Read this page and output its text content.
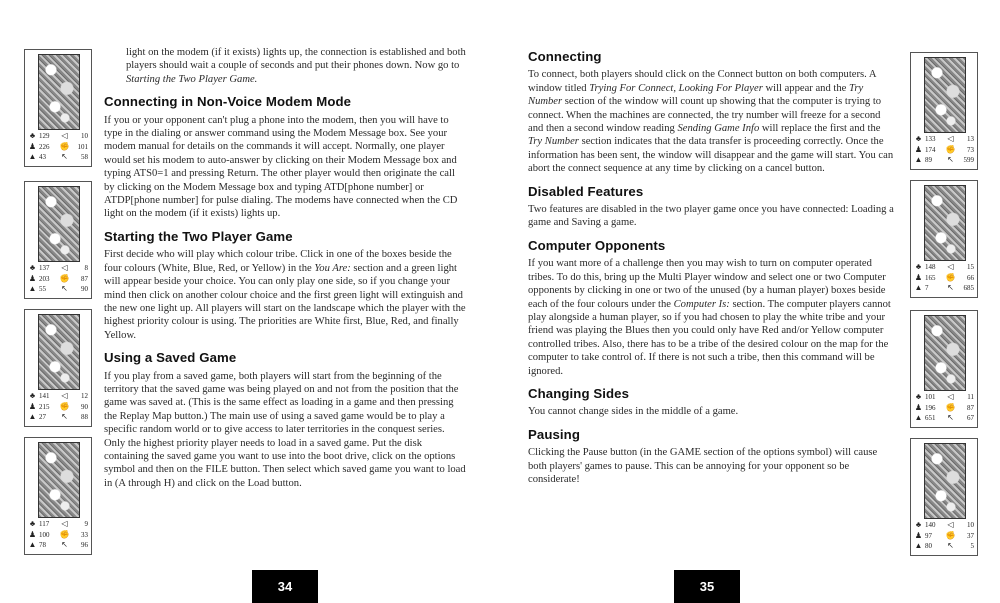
♣ 129	◁	10
♟ 226	✊	101
▲ 43	↖	58
♣ 137	◁	8
♟ 203	✊	87
▲ 55	↖	90
♣ 141	◁	12
♟ 215	✊	90
▲ 27	↖	88
♣ 117	◁	9
♟ 100	✊	33
▲ 78	↖	96

light on the modem (if it exists) lights up, the connection is established and both players should wait a couple of seconds and put their phones down. Now go to Starting the Two Player Game.

Connecting in Non-Voice Modem Mode

If you or your opponent can't plug a phone into the modem, then you will have to type in the dialing or answer command using the Modem Message box. See your modem manual for details on the commands it will accept. Normally, one player would set his modem to auto-answer by clicking on their Modem Message box and typing ATS0=1 and pressing Return. The other player would then originate the call by clicking on the Modem Message box and typing ATD[phone number] or ATDP[phone number] for pulse dialing. The modems have connected when the CD light on the modem (if it exists) lights up.

Starting the Two Player Game

First decide who will play which colour tribe. Click in one of the boxes beside the four colours (White, Blue, Red, or Yellow) in the You Are: section and a green light will appear beside your choice. You can only play one side, so if you change your mind then click on another colour choice and the first green light will extinguish and the new one light up. All players will start on the landscape which the player with the highest priority colour is using. The priorities are White first, Blue, Red, and finally Yellow.

Using a Saved Game

If you play from a saved game, both players will start from the beginning of the territory that the saved game was being played on and not from the position that the game was saved at. (This is the same effect as loading in a game and then pressing the Replay Map button.) The main use of using a saved game would be to play a specific random world or to give access to later territories in the conquest series. Only the highest priority player needs to load in a saved game. Put the disk containing the saved game you want to use into the boot drive, click on the options symbol and then on the FILE button. Then select which saved game you want to load in (A through H) and click on the Load button.

34
Connecting

To connect, both players should click on the Connect button on both computers. A window titled Trying For Connect, Looking For Player will appear and the Try Number section of the window will count up showing that the computer is trying to connect. When the machines are connected, the try number will freeze for a second and then a second window reading Sending Game Info will replace the first and the Try Number section indicates that the data transfer is proceeding correctly. Once the information has been sent, the window will disappear and the game will start. You can abort the connect sequence at any time by clicking on a cancel button.

Disabled Features

Two features are disabled in the two player game once you have connected: Loading a game and Saving a game.

Computer Opponents

If you want more of a challenge then you may wish to turn on computer operated tribes. To do this, bring up the Multi Player window and select one or two Computer opponents by clicking in one or two of the unused (by a human player) boxes beside each of the four colours under the Computer Is: section. The computer players cannot play alongside a human player, so if you had chosen to play the white tribe and your friend was playing the Blues then you could only have Red and/or Yellow computer controlled tribes. Also, there has to be a tribe of the desired colour on the map for the computer to take control of. If there is not such a tribe, then this command will be ignored.

Changing Sides

You cannot change sides in the middle of a game.

Pausing

Clicking the Pause button (in the GAME section of the options symbol) will cause both players' games to pause. This can be annoying for your opponent so be considerate!

♣ 133	◁	13
♟ 174	✊	73
▲ 89	↖	599
♣ 148	◁	15
♟ 165	✊	66
▲ 7	↖	685
♣ 101	◁	11
♟ 196	✊	87
▲ 651	↖	67
♣ 140	◁	10
♟ 97	✊	37
▲ 80	↖	5
35
